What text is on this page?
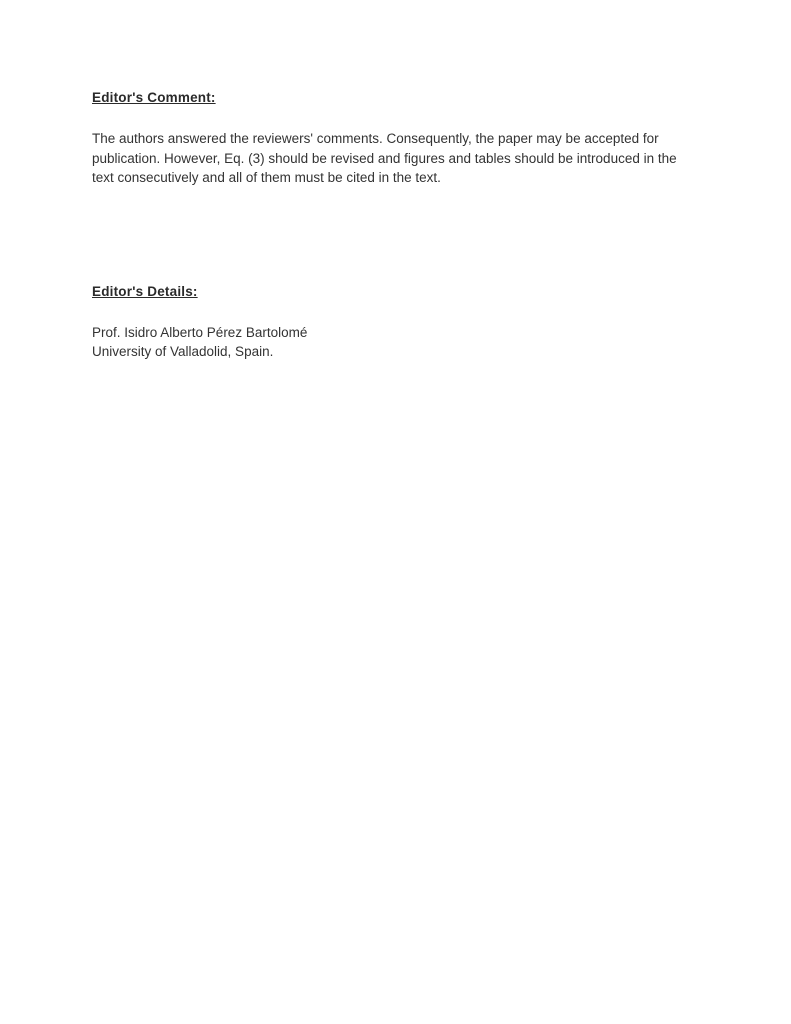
Editor's Comment:

The authors answered the reviewers' comments. Consequently, the paper may be accepted for publication. However, Eq. (3) should be revised and figures and tables should be introduced in the text consecutively and all of them must be cited in the text.

Editor's Details:

Prof. Isidro Alberto Pérez Bartolomé

University of Valladolid, Spain.
